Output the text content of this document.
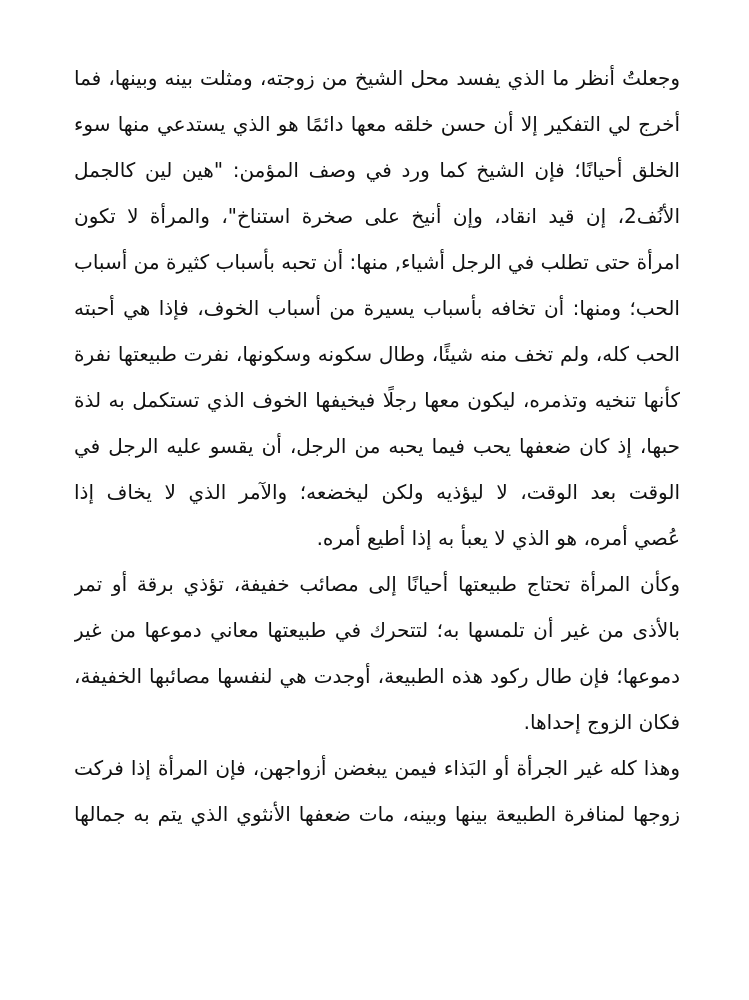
وجعلتُ أنظر ما الذي يفسد محل الشيخ من زوجته، ومثلت بينه وبينها، فما
أخرج لي التفكير إلا أن حسن خلقه معها دائمًا هو الذي يستدعي منها سوء
الخلق أحيانًا؛ فإن الشيخ كما ورد في وصف المؤمن: "هين لين كالجمل
الأنُف2، إن قيد انقاد، وإن أنيخ على صخرة استناخ"، والمرأة لا تكون
امرأة حتى تطلب في الرجل أشياء, منها: أن تحبه بأسباب كثيرة من أسباب
الحب؛ ومنها: أن تخافه بأسباب يسيرة من أسباب الخوف، فإذا هي أحبته
الحب كله، ولم تخف منه شيئًا، وطال سكونه وسكونها، نفرت طبيعتها نفرة
كأنها تنخيه وتذمره، ليكون معها رجلًا فيخيفها الخوف الذي تستكمل به لذة
حبها، إذ كان ضعفها يحب فيما يحبه من الرجل، أن يقسو عليه الرجل في
الوقت بعد الوقت، لا ليؤذيه ولكن ليخضعه؛ والآمر الذي لا يخاف إذا
عُصي أمره، هو الذي لا يعبأ به إذا أطيع أمره.
وكأن المرأة تحتاج طبيعتها أحيانًا إلى مصائب خفيفة، تؤذي برقة أو تمر
بالأذى من غير أن تلمسها به؛ لتتحرك في طبيعتها معاني دموعها من غير
دموعها؛ فإن طال ركود هذه الطبيعة، أوجدت هي لنفسها مصائبها الخفيفة،
فكان الزوج إحداها.
وهذا كله غير الجرأة أو البَذاء فيمن يبغضن أزواجهن، فإن المرأة إذا فركت
زوجها لمنافرة الطبيعة بينها وبينه، مات ضعفها الأنثوي الذي يتم به جمالها
